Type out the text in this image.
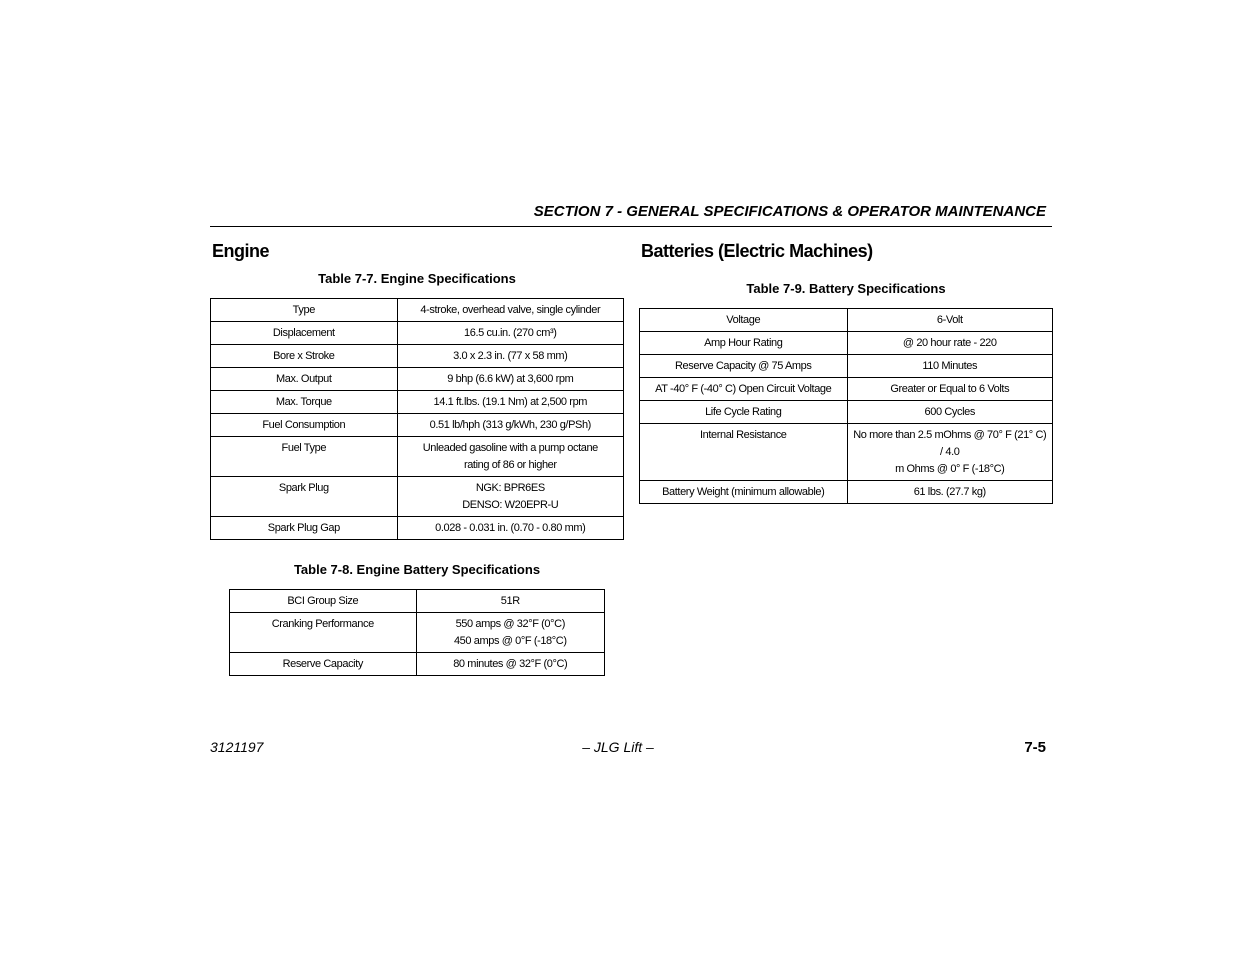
SECTION 7 - GENERAL SPECIFICATIONS & OPERATOR MAINTENANCE
Engine
Table 7-7. Engine Specifications
Type	4-stroke, overhead valve, single cylinder

Displacement	16.5 cu.in. (270 cm³)

Bore x Stroke	3.0 x 2.3 in. (77 x 58 mm)

Max. Output	9 bhp (6.6 kW) at 3,600 rpm

Max. Torque	14.1 ft.lbs. (19.1 Nm) at 2,500 rpm

Fuel Consumption	0.51 lb/hph (313 g/kWh, 230 g/PSh)

Fuel Type	Unleaded gasoline with a pump octane
rating of 86 or higher

Spark Plug	NGK: BPR6ES
DENSO: W20EPR-U

Spark Plug Gap	0.028 - 0.031 in. (0.70 - 0.80 mm)
Table 7-8. Engine Battery Specifications
BCI Group Size	51R

Cranking Performance	550 amps @ 32°F (0°C)
450 amps @ 0°F (-18°C)

Reserve Capacity	80 minutes @ 32°F (0°C)
Batteries (Electric Machines)
Table 7-9. Battery Specifications
Voltage	6-Volt

Amp Hour Rating	@ 20 hour rate - 220

Reserve Capacity @ 75 Amps	110 Minutes

AT -40° F (-40° C) Open Circuit Voltage	Greater or Equal to 6 Volts

Life Cycle Rating	600 Cycles

Internal Resistance	No more than 2.5 mOhms @ 70° F (21° C) / 4.0
m Ohms @ 0° F (-18°C)

Battery Weight (minimum allowable)	61 lbs. (27.7 kg)
3121197	– JLG Lift –	7-5
